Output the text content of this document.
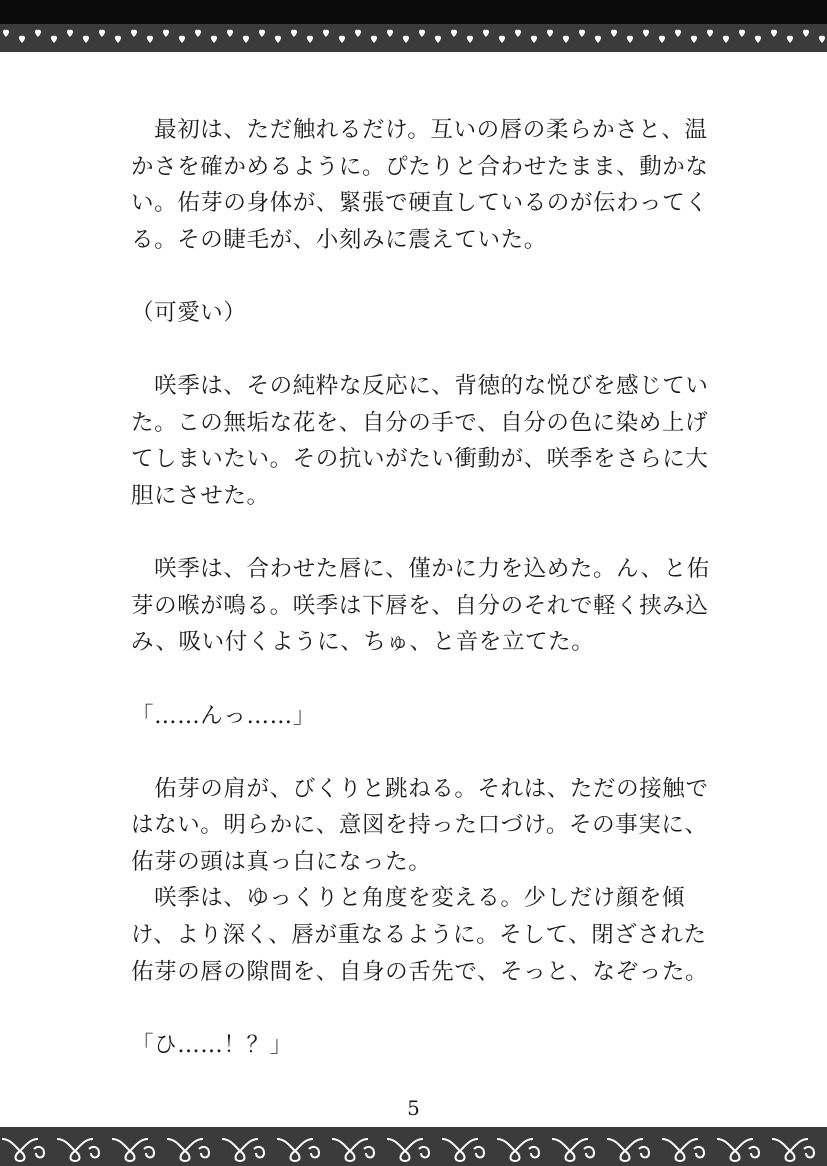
　最初は、ただ触れるだけ。互いの唇の柔らかさと、温
かさを確かめるように。ぴたりと合わせたまま、動かな
い。佑芽の身体が、緊張で硬直しているのが伝わってく
る。その睫毛が、小刻みに震えていた。
（可愛い）
　咲季は、その純粋な反応に、背徳的な悦びを感じてい
た。この無垢な花を、自分の手で、自分の色に染め上げ
てしまいたい。その抗いがたい衝動が、咲季をさらに大
胆にさせた。
　咲季は、合わせた唇に、僅かに力を込めた。ん、と佑
芽の喉が鳴る。咲季は下唇を、自分のそれで軽く挟み込
み、吸い付くように、ちゅ、と音を立てた。
「……んっ……」
　佑芽の肩が、びくりと跳ねる。それは、ただの接触で
はない。明らかに、意図を持った口づけ。その事実に、
佑芽の頭は真っ白になった。
　咲季は、ゆっくりと角度を変える。少しだけ顔を傾
け、より深く、唇が重なるように。そして、閉ざされた
佑芽の唇の隙間を、自身の舌先で、そっと、なぞった。
「ひ……！？」
5
